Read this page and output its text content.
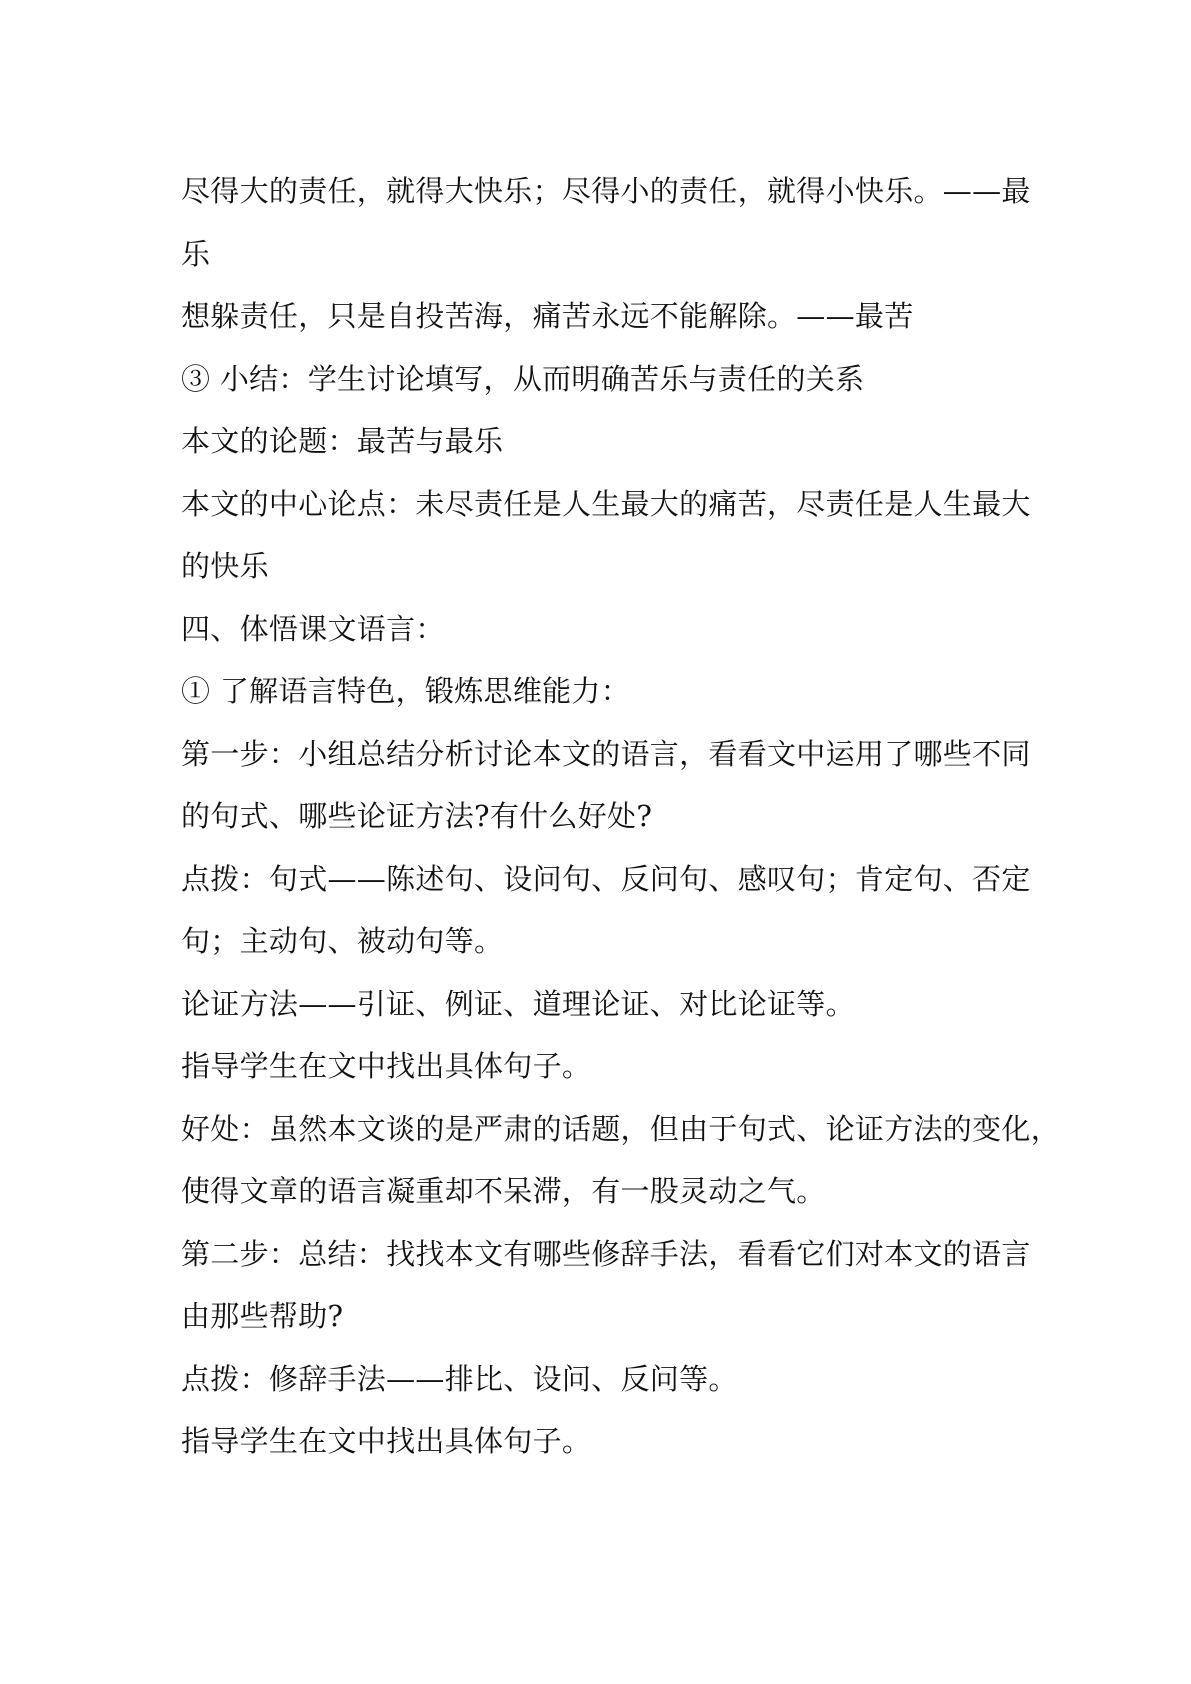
尽得大的责任，就得大快乐；尽得小的责任，就得小快乐。——最
乐
想躲责任，只是自投苦海，痛苦永远不能解除。——最苦
③ 小结：学生讨论填写，从而明确苦乐与责任的关系
本文的论题：最苦与最乐
本文的中心论点：未尽责任是人生最大的痛苦，尽责任是人生最大
的快乐
四、体悟课文语言：
① 了解语言特色，锻炼思维能力：
第一步：小组总结分析讨论本文的语言，看看文中运用了哪些不同
的句式、哪些论证方法?有什么好处?
点拨：句式——陈述句、设问句、反问句、感叹句；肯定句、否定
句；主动句、被动句等。
论证方法——引证、例证、道理论证、对比论证等。
指导学生在文中找出具体句子。
好处：虽然本文谈的是严肃的话题，但由于句式、论证方法的变化，
使得文章的语言凝重却不呆滞，有一股灵动之气。
第二步：总结：找找本文有哪些修辞手法，看看它们对本文的语言
由那些帮助?
点拨：修辞手法——排比、设问、反问等。
指导学生在文中找出具体句子。
